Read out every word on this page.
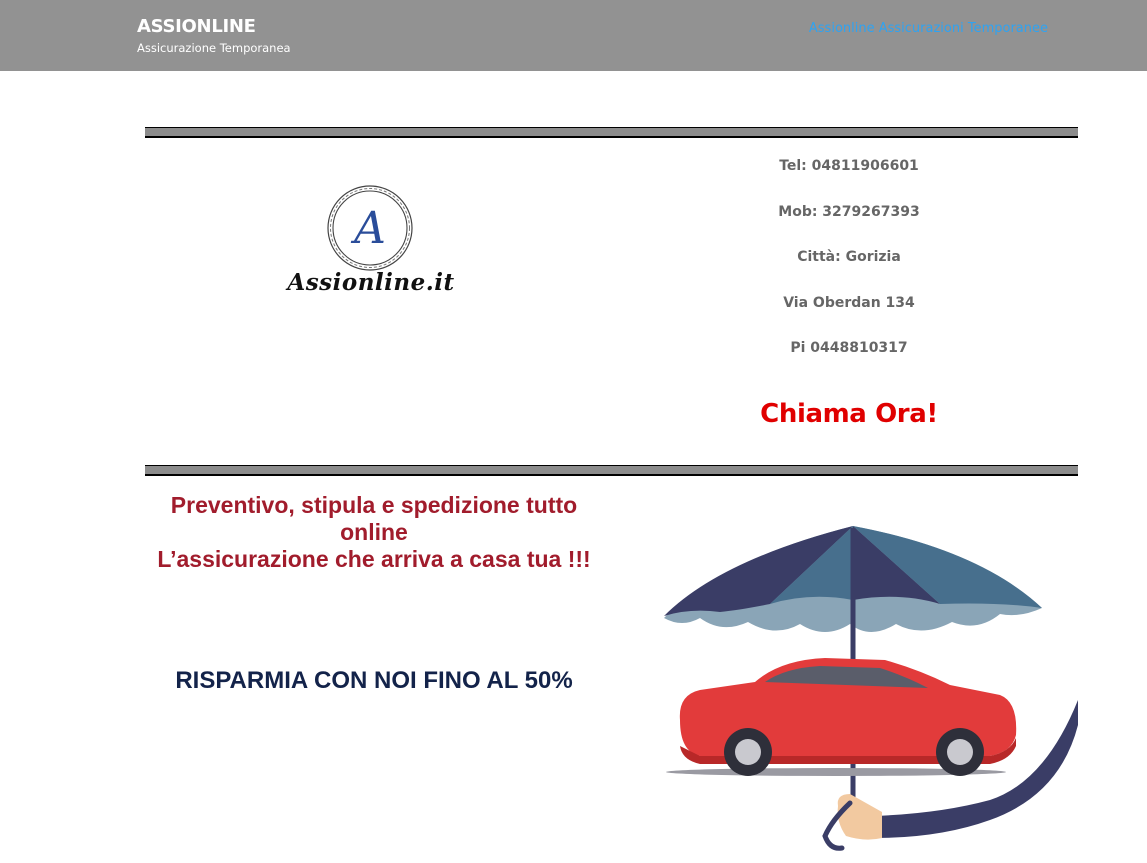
ASSIONLINE
Assicurazione Temporanea
Assionline Assicurazioni Temporanee
A
Assionline.it
Tel: 04811906601
Mob: 3279267393
Città: Gorizia
Via Oberdan 134
Pi 0448810317
Chiama Ora!
Preventivo, stipula e spedizione tutto online
L’assicurazione che arriva a casa tua !!!
RISPARMIA CON NOI FINO AL 50%
